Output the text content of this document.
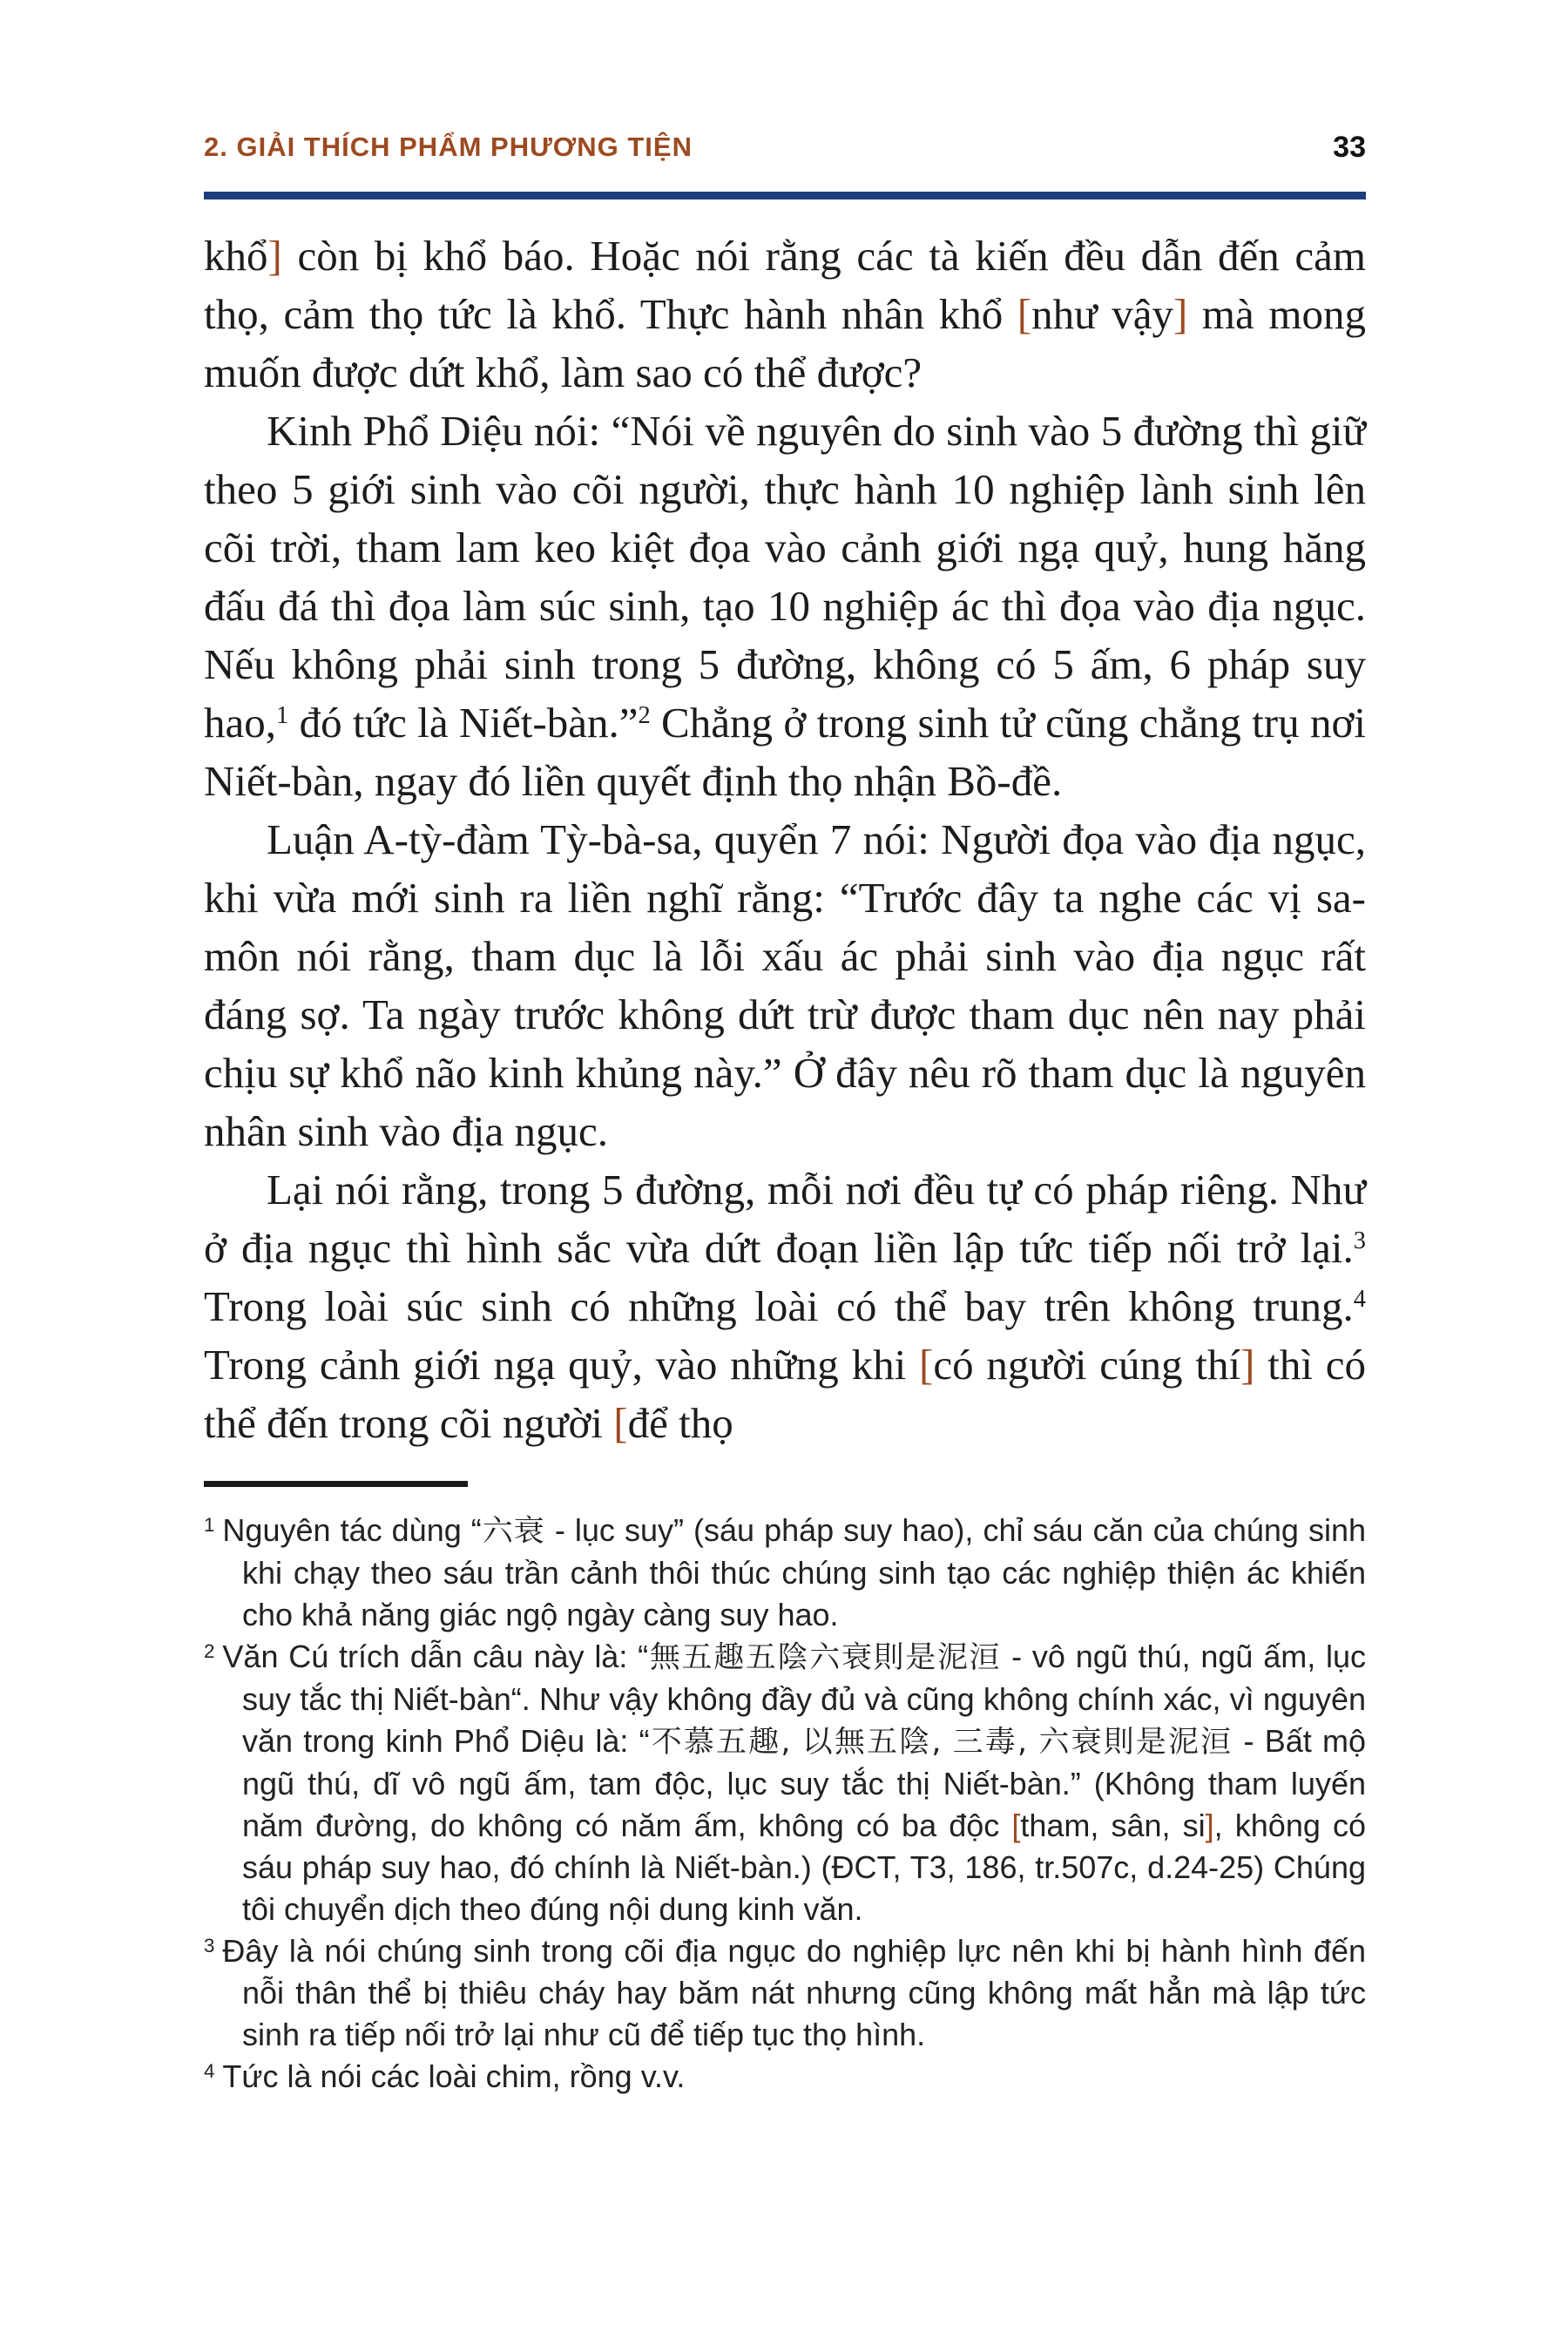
2. GIẢI THÍCH PHẨM PHƯƠNG TIỆN	33

khổ] còn bị khổ báo. Hoặc nói rằng các tà kiến đều dẫn đến cảm thọ, cảm thọ tức là khổ. Thực hành nhân khổ [như vậy] mà mong muốn được dứt khổ, làm sao có thể được?

Kinh Phổ Diệu nói: “Nói về nguyên do sinh vào 5 đường thì giữ theo 5 giới sinh vào cõi người, thực hành 10 nghiệp lành sinh lên cõi trời, tham lam keo kiệt đọa vào cảnh giới ngạ quỷ, hung hăng đấu đá thì đọa làm súc sinh, tạo 10 nghiệp ác thì đọa vào địa ngục. Nếu không phải sinh trong 5 đường, không có 5 ấm, 6 pháp suy hao,$^1$ đó tức là Niết-bàn.”$^2$ Chẳng ở trong sinh tử cũng chẳng trụ nơi Niết-bàn, ngay đó liền quyết định thọ nhận Bồ-đề.

Luận A-tỳ-đàm Tỳ-bà-sa, quyển 7 nói: Người đọa vào địa ngục, khi vừa mới sinh ra liền nghĩ rằng: “Trước đây ta nghe các vị sa-môn nói rằng, tham dục là lỗi xấu ác phải sinh vào địa ngục rất đáng sợ. Ta ngày trước không dứt trừ được tham dục nên nay phải chịu sự khổ não kinh khủng này.” Ở đây nêu rõ tham dục là nguyên nhân sinh vào địa ngục.

Lại nói rằng, trong 5 đường, mỗi nơi đều tự có pháp riêng. Như ở địa ngục thì hình sắc vừa dứt đoạn liền lập tức tiếp nối trở lại.$^3$ Trong loài súc sinh có những loài có thể bay trên không trung.$^4$ Trong cảnh giới ngạ quỷ, vào những khi [có người cúng thí] thì có thể đến trong cõi người [để thọ

$^1$ Nguyên tác dùng “六衰 - lục suy” (sáu pháp suy hao), chỉ sáu căn của chúng sinh khi chạy theo sáu trần cảnh thôi thúc chúng sinh tạo các nghiệp thiện ác khiến cho khả năng giác ngộ ngày càng suy hao.

$^2$ Văn Cú trích dẫn câu này là: “無五趣五陰六衰則是泥洹 - vô ngũ thú, ngũ ấm, lục suy tắc thị Niết-bàn“. Như vậy không đầy đủ và cũng không chính xác, vì nguyên văn trong kinh Phổ Diệu là: “不慕五趣, 以無五陰, 三毒, 六衰則是泥洹 - Bất mộ ngũ thú, dĩ vô ngũ ấm, tam độc, lục suy tắc thị Niết-bàn.” (Không tham luyến năm đường, do không có năm ấm, không có ba độc [tham, sân, si], không có sáu pháp suy hao, đó chính là Niết-bàn.) (ĐCT, T3, 186, tr.507c, d.24-25) Chúng tôi chuyển dịch theo đúng nội dung kinh văn.

$^3$ Đây là nói chúng sinh trong cõi địa ngục do nghiệp lực nên khi bị hành hình đến nỗi thân thể bị thiêu cháy hay băm nát nhưng cũng không mất hẳn mà lập tức sinh ra tiếp nối trở lại như cũ để tiếp tục thọ hình.

$^4$ Tức là nói các loài chim, rồng v.v.
